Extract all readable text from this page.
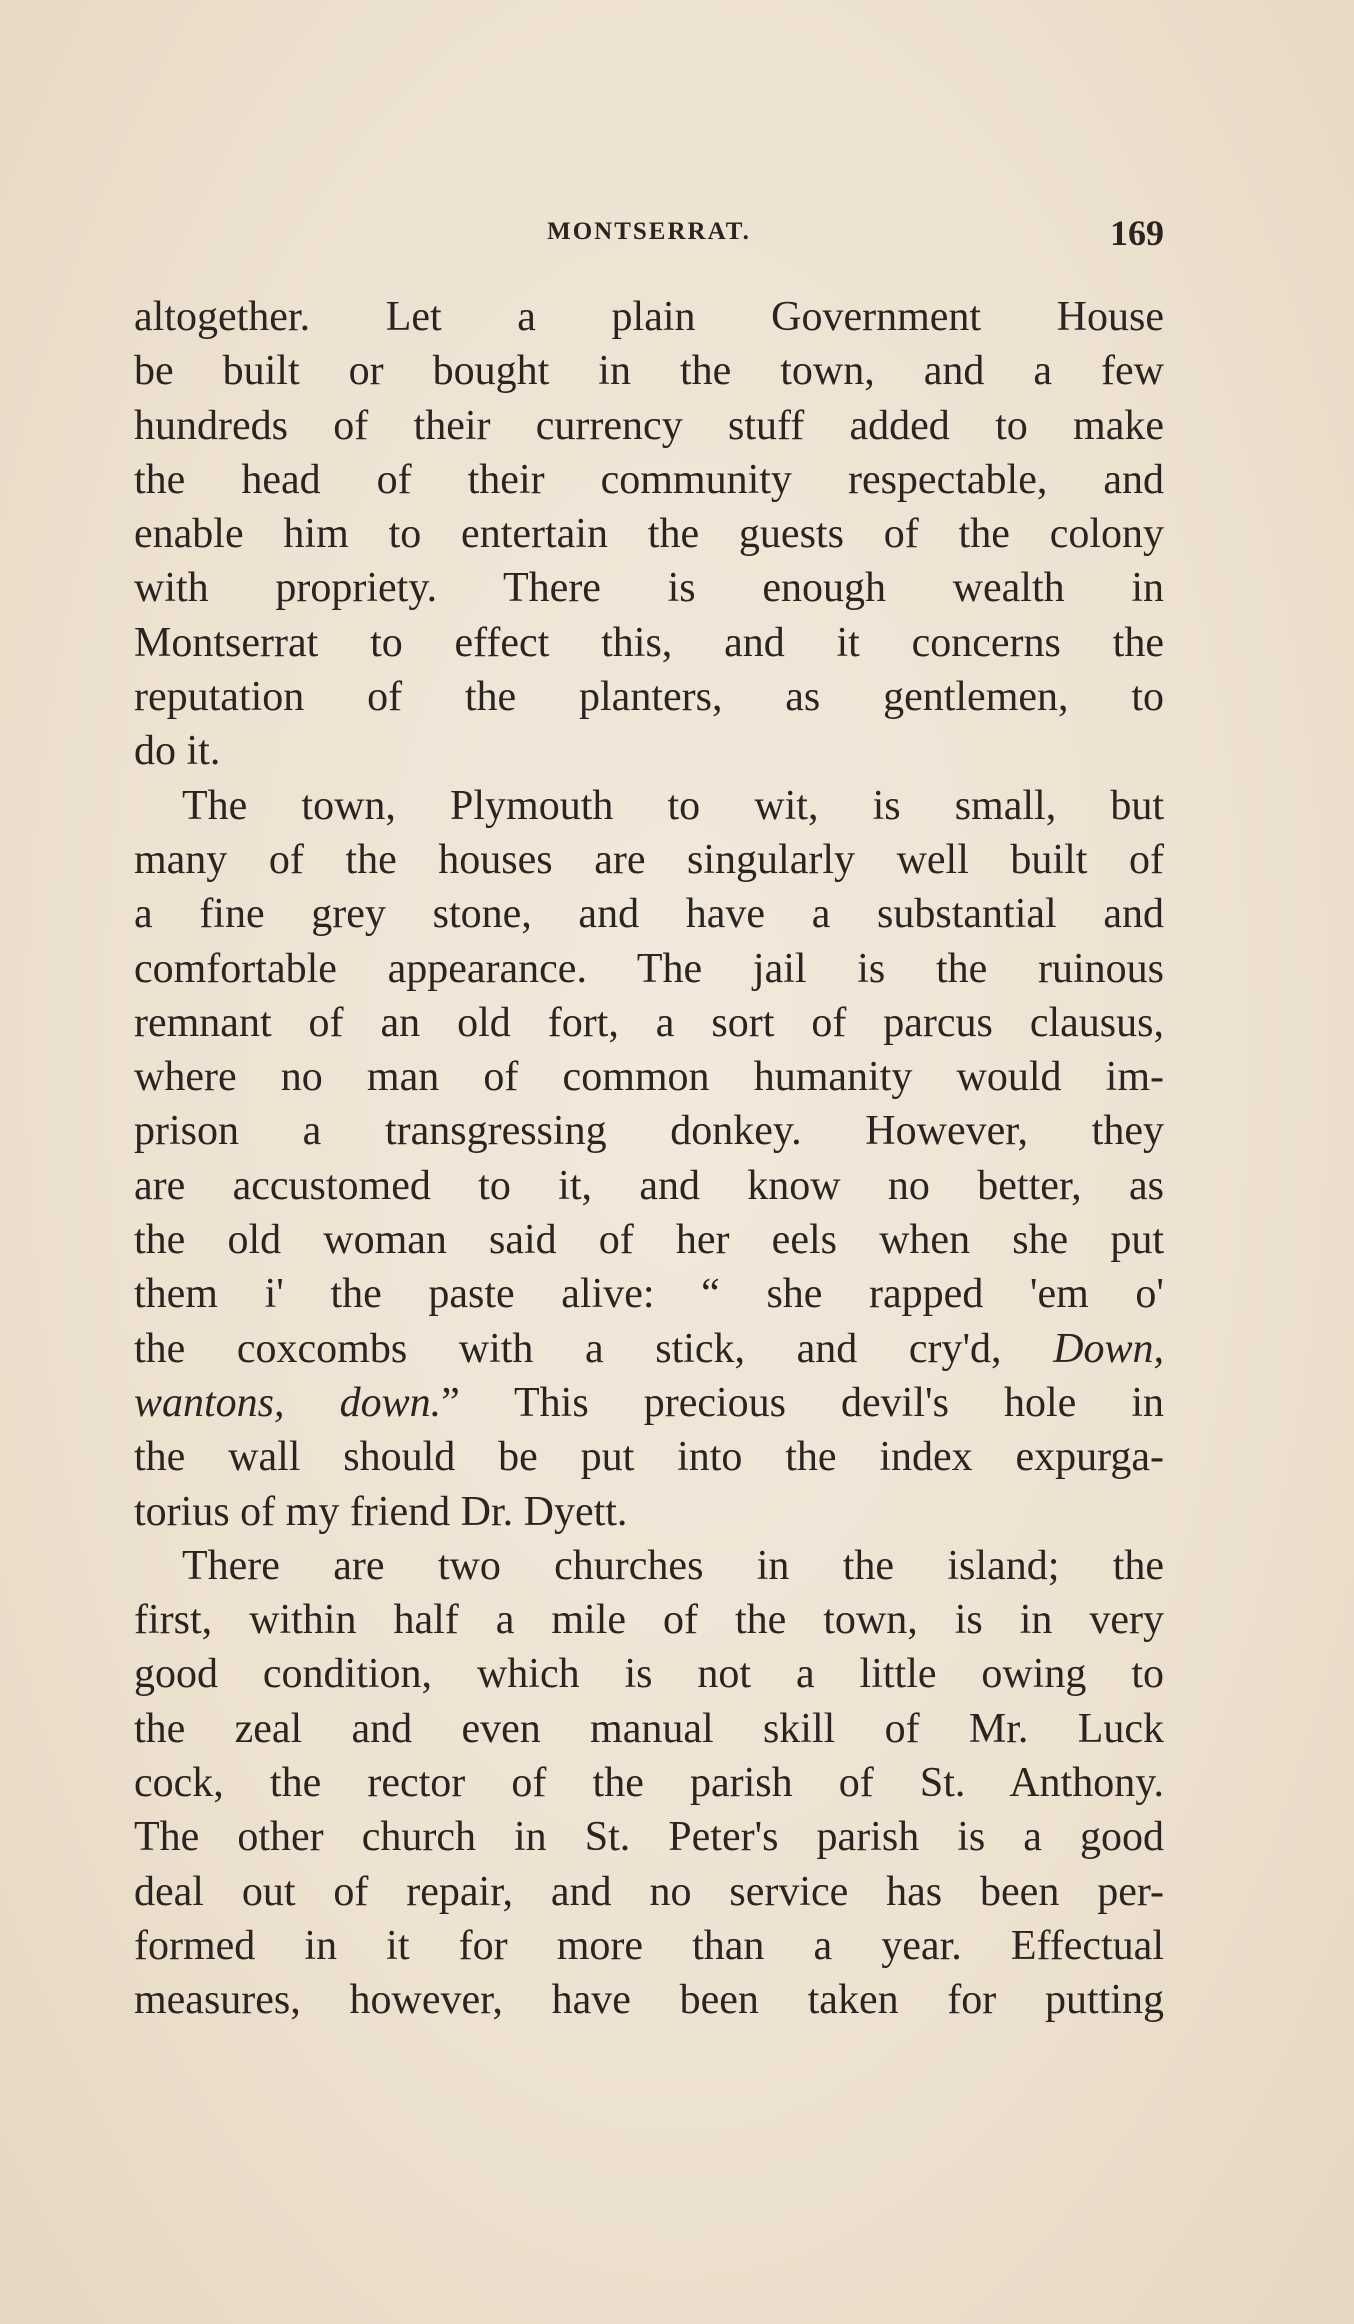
MONTSERRAT.	169
altogether. Let a plain Government House
be built or bought in the town, and a few
hundreds of their currency stuff added to make
the head of their community respectable, and
enable him to entertain the guests of the colony
with propriety. There is enough wealth in
Montserrat to effect this, and it concerns the
reputation of the planters, as gentlemen, to
do it.
The town, Plymouth to wit, is small, but
many of the houses are singularly well built of
a fine grey stone, and have a substantial and
comfortable appearance. The jail is the ruinous
remnant of an old fort, a sort of parcus clausus,
where no man of common humanity would im-
prison a transgressing donkey. However, they
are accustomed to it, and know no better, as
the old woman said of her eels when she put
them i' the paste alive: “ she rapped 'em o'
the coxcombs with a stick, and cry'd, Down,
wantons, down.” This precious devil's hole in
the wall should be put into the index expurga-
torius of my friend Dr. Dyett.
There are two churches in the island; the
first, within half a mile of the town, is in very
good condition, which is not a little owing to
the zeal and even manual skill of Mr. Luck
cock, the rector of the parish of St. Anthony.
The other church in St. Peter's parish is a good
deal out of repair, and no service has been per-
formed in it for more than a year. Effectual
measures, however, have been taken for putting
